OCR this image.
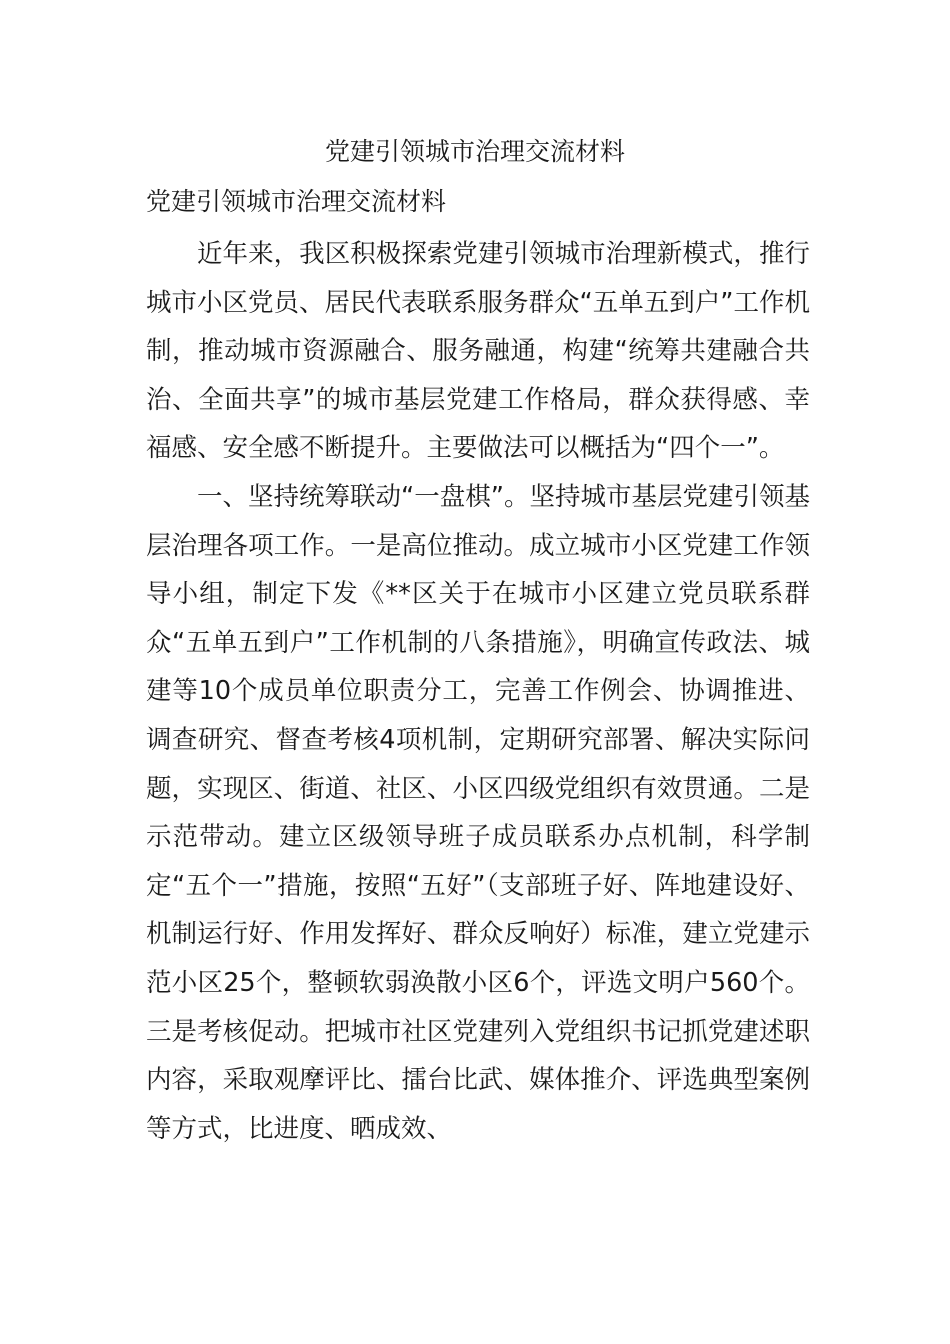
党建引领城市治理交流材料
党建引领城市治理交流材料

近年来，我区积极探索党建引领城市治理新模式，推行城市小区党员、居民代表联系服务群众“五单五到户”工作机制，推动城市资源融合、服务融通，构建“统筹共建融合共治、全面共享”的城市基层党建工作格局，群众获得感、幸福感、安全感不断提升。主要做法可以概括为“四个一”。

一、坚持统筹联动“一盘棋”。坚持城市基层党建引领基层治理各项工作。一是高位推动。成立城市小区党建工作领导小组，制定下发《**区关于在城市小区建立党员联系群众“五单五到户”工作机制的八条措施》，明确宣传政法、城建等10个成员单位职责分工，完善工作例会、协调推进、调查研究、督查考核4项机制，定期研究部署、解决实际问题，实现区、街道、社区、小区四级党组织有效贯通。二是示范带动。建立区级领导班子成员联系办点机制，科学制定“五个一”措施，按照“五好”（支部班子好、阵地建设好、机制运行好、作用发挥好、群众反响好）标准，建立党建示范小区25个，整顿软弱涣散小区6个，评选文明户560个。三是考核促动。把城市社区党建列入党组织书记抓党建述职内容，采取观摩评比、擂台比武、媒体推介、评选典型案例等方式，比进度、晒成效、
